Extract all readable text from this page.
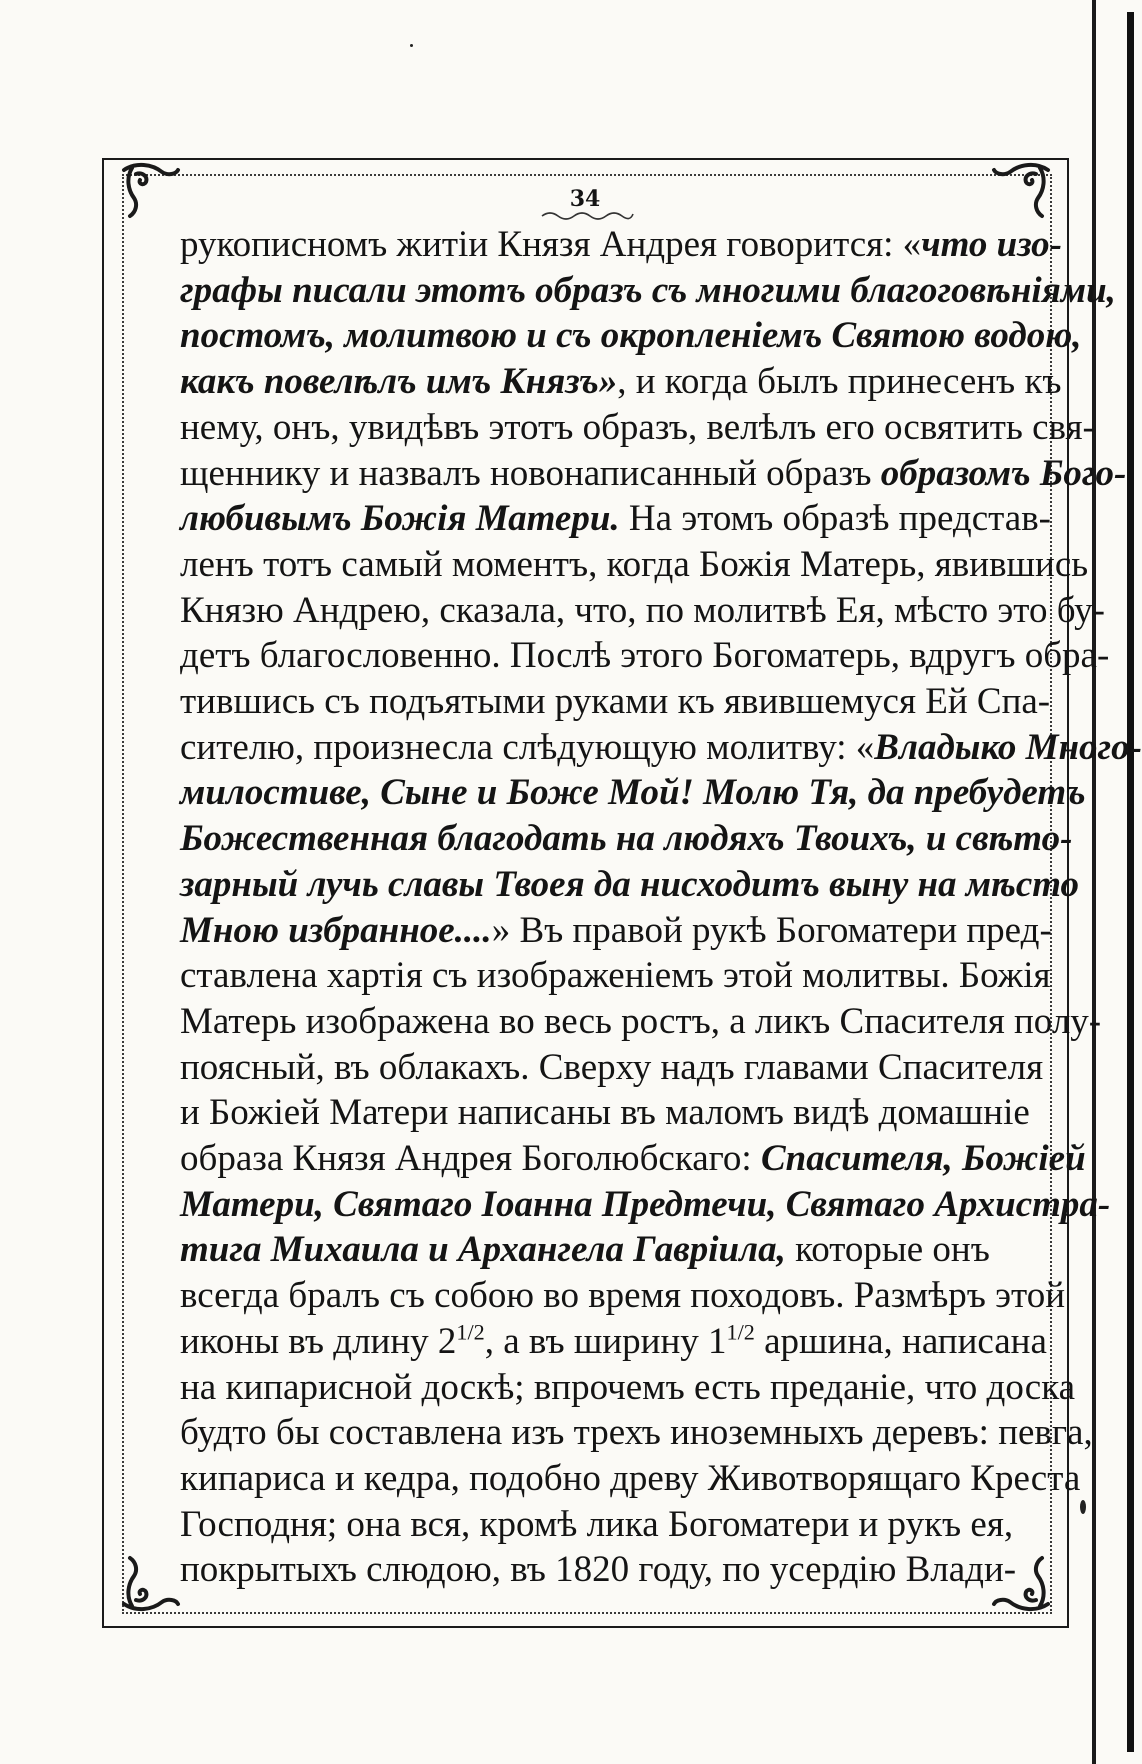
34
рукописномъ житіи Князя Андрея говорится: «что изо-
графы писали этотъ образъ съ многими благоговѣніями,
постомъ, молитвою и съ окропленіемъ Святою водою,
какъ повелѣлъ имъ Князъ», и когда былъ принесенъ къ
нему, онъ, увидѣвъ этотъ образъ, велѣлъ его освятить свя-
щеннику и назвалъ новонаписанный образъ образомъ Бого-
любивымъ Божія Матери. На этомъ образѣ представ-
ленъ тотъ самый моментъ, когда Божія Матерь, явившись
Князю Андрею, сказала, что, по молитвѣ Ея, мѣсто это бу-
детъ благословенно. Послѣ этого Богоматерь, вдругъ обра-
тившись съ подъятыми руками къ явившемуся Ей Спа-
сителю, произнесла слѣдующую молитву: «Владыко Много-
милостиве, Сыне и Боже Мой! Молю Тя, да пребудетъ
Божественная благодать на людяхъ Твоихъ, и свѣто-
зарный лучь славы Твоея да нисходитъ выну на мѣсто
Мною избранное....» Въ правой рукѣ Богоматери пред-
ставлена хартія съ изображеніемъ этой молитвы. Божія
Матерь изображена во весь ростъ, а ликъ Спасителя полу-
поясный, въ облакахъ. Сверху надъ главами Спасителя
и Божіей Матери написаны въ маломъ видѣ домашніе
образа Князя Андрея Боголюбскаго: Спасителя, Божіей
Матери, Святаго Іоанна Предтечи, Святаго Архистра-
тига Михаила и Архангела Гавріила, которые онъ
всегда бралъ съ собою во время походовъ. Размѣръ этой
иконы въ длину $2^{1/2}$, а въ ширину $1^{1/2}$ аршина, написана
на кипарисной доскѣ; впрочемъ есть преданіе, что доска
будто бы составлена изъ трехъ иноземныхъ деревъ: певга,
кипариса и кедра, подобно древу Животворящаго Креста
Господня; она вся, кромѣ лика Богоматери и рукъ ея,
покрытыхъ слюдою, въ 1820 году, по усердію Влади-
